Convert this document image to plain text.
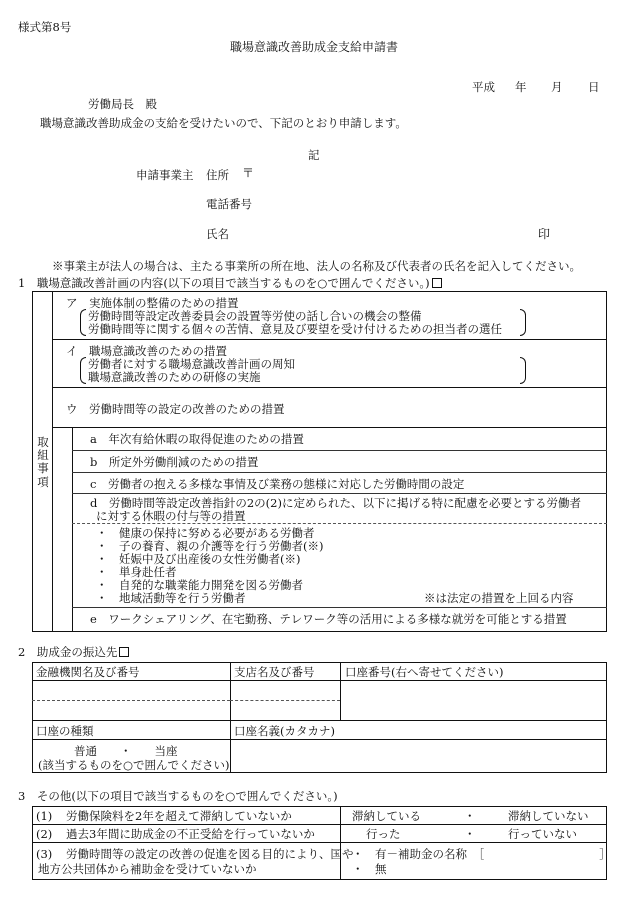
様式第8号
職場意識改善助成金支給申請書
平成 年 月 日
労働局長　殿
職場意識改善助成金の支給を受けたいので、下記のとおり申請します。
記
申請事業主 住所 〒
電話番号
氏名	印
※事業主が法人の場合は、主たる事業所の所在地、法人の名称及び代表者の氏名を記入してください。
1　職場意識改善計画の内容(以下の項目で該当するものを○で囲んでください。)
取組事項
ア　実施体制の整備のための措置
労働時間等設定改善委員会の設置等労使の話し合いの機会の整備
労働時間等に関する個々の苦情、意見及び要望を受け付けるための担当者の選任
イ　職場意識改善のための措置
労働者に対する職場意識改善計画の周知
職場意識改善のための研修の実施
ウ　労働時間等の設定の改善のための措置
a　年次有給休暇の取得促進のための措置
b　所定外労働削減のための措置
c　労働者の抱える多様な事情及び業務の態様に対応した労働時間の設定
d　労働時間等設定改善指針の2の(2)に定められた、以下に掲げる特に配慮を必要とする労働者
に対する休暇の付与等の措置
・　健康の保持に努める必要がある労働者
・　子の養育、親の介護等を行う労働者(※)
・　妊娠中及び出産後の女性労働者(※)
・　単身赴任者
・　自発的な職業能力開発を図る労働者
・　地域活動等を行う労働者	※は法定の措置を上回る内容
e　ワークシェアリング、在宅勤務、テレワーク等の活用による多様な就労を可能とする措置
2　助成金の振込先
金融機関名及び番号	支店名及び番号	口座番号(右へ寄せてください)
口座の種類	口座名義(カタカナ)
普通　　・　　当座
(該当するものを○で囲んでください)
3　その他(以下の項目で該当するものを○で囲んでください。)
(1) 労働保険料を2年を超えて滞納していないか	滞納している	・	滞納していない
(2) 過去3年間に助成金の不正受給を行っていないか	行った	・	行っていない
(3) 労働時間等の設定の改善の促進を図る目的により、国や
地方公共団体から補助金を受けていないか
・　有－補助金の名称　［　　　　　　　　　　］
・　無
